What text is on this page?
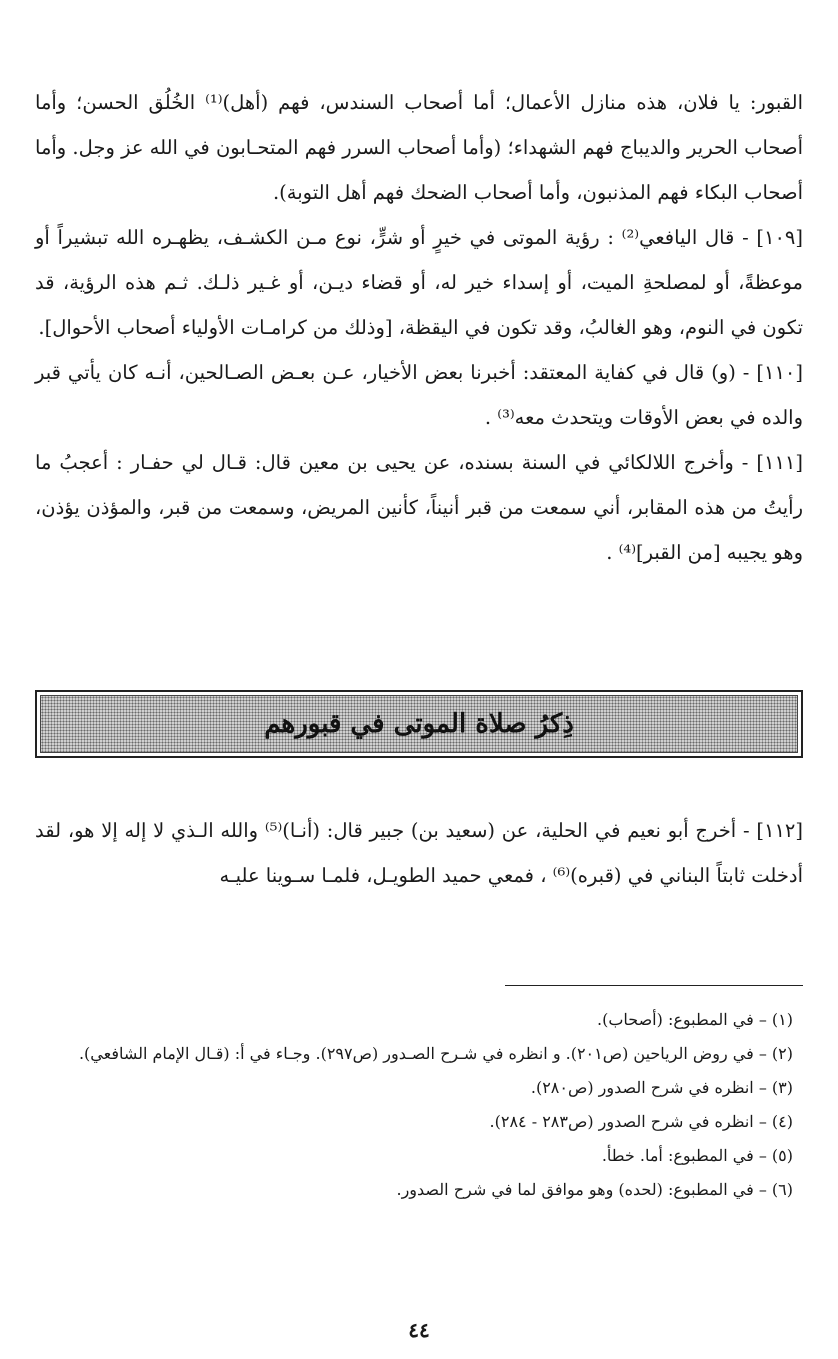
القبور: يا فلان، هذه منازل الأعمال؛ أما أصحاب السندس، فهم (أهل)⁽¹⁾ الخُلُق الحسن؛ وأما أصحاب الحرير والديباج فهم الشهداء؛ (وأما أصحاب السرر فهم المتحـابون في الله عز وجل. وأما أصحاب البكاء فهم المذنبون، وأما أصحاب الضحك فهم أهل التوبة).

[١٠٩] - قال اليافعي⁽²⁾ : رؤية الموتى في خيرٍ أو شرٍّ، نوع مـن الكشـف، يظهـره الله تبشيراً أو موعظةً، أو لمصلحةِ الميت، أو إسداء خير له، أو قضاء ديـن، أو غـير ذلـك. ثـم هذه الرؤية، قد تكون في النوم، وهو الغالبُ، وقد تكون في اليقظة، [وذلك من كرامـات الأولياء أصحاب الأحوال].

[١١٠] - (و) قال في كفاية المعتقد: أخبرنا بعض الأخيار، عـن بعـض الصـالحين، أنـه كان يأتي قبر والده في بعض الأوقات ويتحدث معه⁽³⁾ .

[١١١] - وأخرج اللالكائي في السنة بسنده، عن يحيى بن معين قال: قـال لي حفـار : أعجبُ ما رأيتُ من هذه المقابر، أني سمعت من قبر أنيناً، كأنين المريض، وسمعت من قبر، والمؤذن يؤذن، وهو يجيبه [من القبر]⁽⁴⁾ .

ذِكرُ صلاة الموتى في قبورهم

[١١٢] - أخرج أبو نعيم في الحلية، عن (سعيد بن) جبير قال: (أنـا)⁽⁵⁾ والله الـذي لا إله إلا هو، لقد أدخلت ثابتاً البناني في (قبره)⁽⁶⁾ ، فمعي حميد الطويـل، فلمـا سـوينا عليـه

(١) – في المطبوع: (أصحاب).

(٢) – في روض الرياحين (ص٢٠١). و انظره في شـرح الصـدور (ص٢٩٧). وجـاء في أ: (قـال الإمام الشافعي).

(٣) – انظره في شرح الصدور (ص٢٨٠).

(٤) – انظره في شرح الصدور (ص٢٨٣ - ٢٨٤).

(٥) – في المطبوع: أما. خطأ.

(٦) – في المطبوع: (لحده) وهو موافق لما في شرح الصدور.

٤٤
